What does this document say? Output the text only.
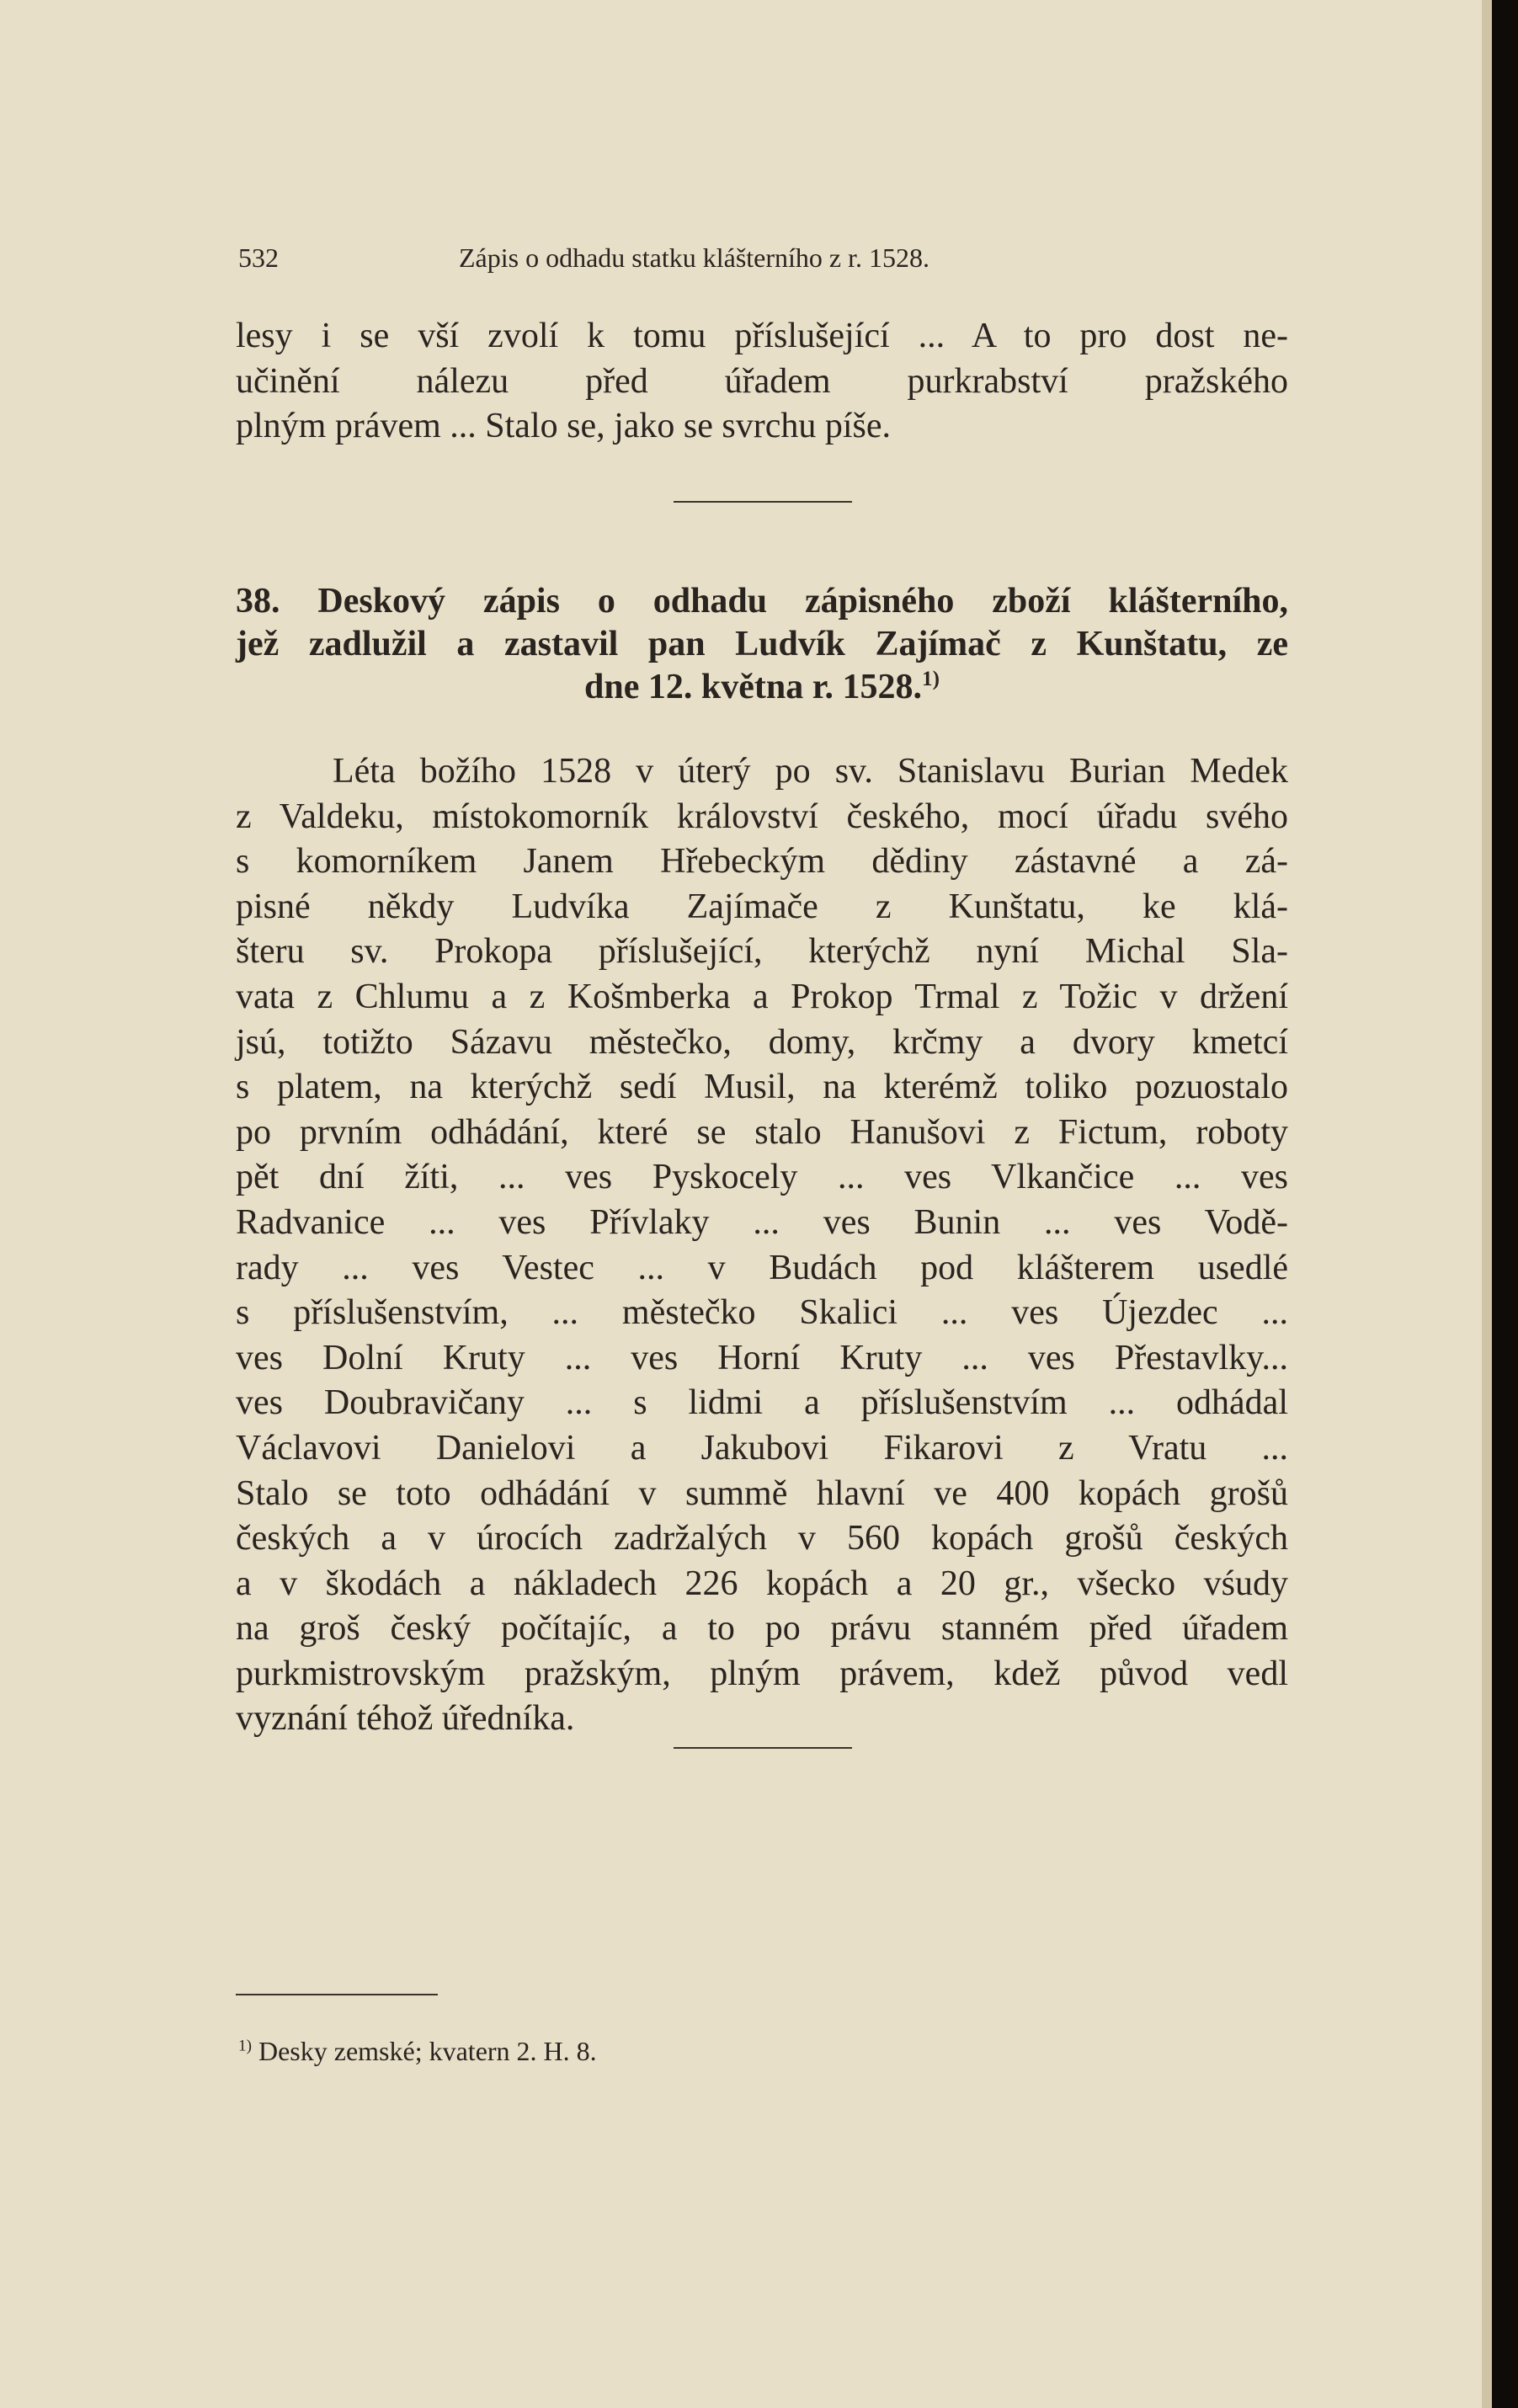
532	Zápis o odhadu statku klášterního z r. 1528.
lesy i se vší zvolí k tomu příslušející ... A to pro dost ne-
učinění nálezu před úřadem purkrabství pražského
plným právem ... Stalo se, jako se svrchu píše.
38. Deskový zápis o odhadu zápisného zboží klášterního,
jež zadlužil a zastavil pan Ludvík Zajímač z Kunštatu, ze
dne 12. května r. 1528.$^{1)}$
Léta božího 1528 v úterý po sv. Stanislavu Burian Medek
z Valdeku, místokomorník království českého, mocí úřadu svého
s komorníkem Janem Hřebeckým dědiny zástavné a zá-
pisné někdy Ludvíka Zajímače z Kunštatu, ke klá-
šteru sv. Prokopa příslušející, kterýchž nyní Michal Sla-
vata z Chlumu a z Košmberka a Prokop Trmal z Tožic v držení
jsú, totižto Sázavu městečko, domy, krčmy a dvory kmetcí
s platem, na kterýchž sedí Musil, na kterémž toliko pozuostalo
po prvním odhádání, které se stalo Hanušovi z Fictum, roboty
pět dní žíti, ... ves Pyskocely ... ves Vlkančice ... ves
Radvanice ... ves Přívlaky ... ves Bunin ... ves Vodě-
rady ... ves Vestec ... v Budách pod klášterem usedlé
s příslušenstvím, ... městečko Skalici ... ves Újezdec ...
ves Dolní Kruty ... ves Horní Kruty ... ves Přestavlky...
ves Doubravičany ... s lidmi a příslušenstvím ... odhádal
Václavovi Danielovi a Jakubovi Fikarovi z Vratu ...
Stalo se toto odhádání v summě hlavní ve 400 kopách grošů
českých a v úrocích zadržalých v 560 kopách grošů českých
a v škodách a nákladech 226 kopách a 20 gr., všecko vśudy
na groš český počítajíc, a to po právu stanném před úřadem
purkmistrovským pražským, plným právem, kdež původ vedl
vyznání téhož úředníka.
$^{1)}$ Desky zemské; kvatern 2. H. 8.
